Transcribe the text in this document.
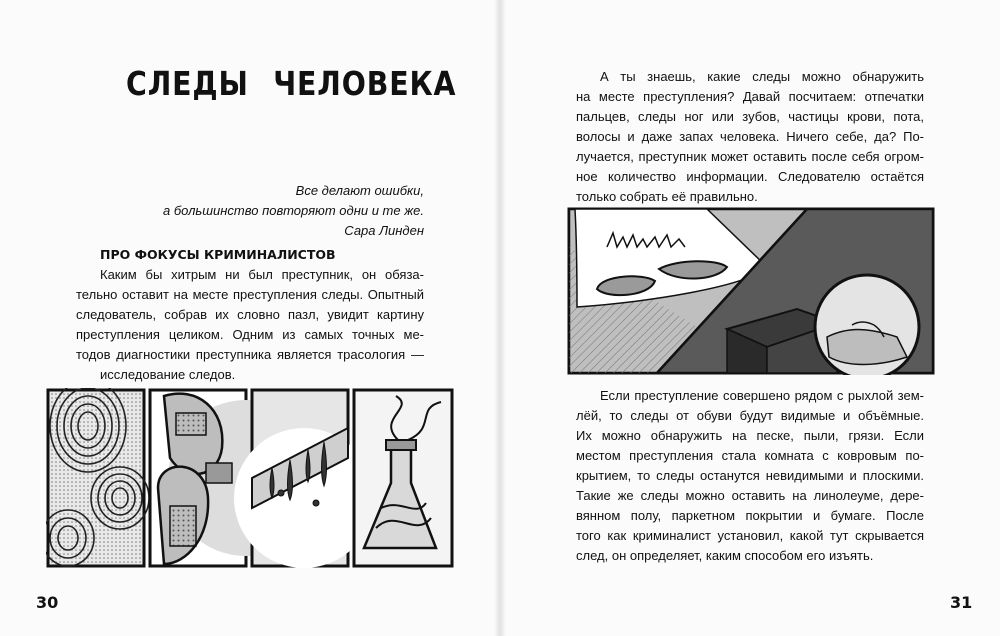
СЛЕДЫ ЧЕЛОВЕКА
Все делают ошибки,
а большинство повторяют одни и те же.
Сара Линден
ПРО ФОКУСЫ КРИМИНАЛИСТОВ
Каким бы хитрым ни был преступник, он обяза-
тельно оставит на месте преступления следы. Опытный
следователь, собрав их словно пазл, увидит картину
преступления целиком. Одним из самых точных ме-
тодов диагностики преступника является трасология —
исследование следов.
30
А ты знаешь, какие следы можно обнаружить
на месте преступления? Давай посчитаем: отпечатки
пальцев, следы ног или зубов, частицы крови, пота,
волосы и даже запах человека. Ничего себе, да? По-
лучается, преступник может оставить после себя огром-
ное количество информации. Следователю остаётся
только собрать её правильно.
Если преступление совершено рядом с рыхлой зем-
лёй, то следы от обуви будут видимые и объёмные.
Их можно обнаружить на песке, пыли, грязи. Если
местом преступления стала комната с ковровым по-
крытием, то следы останутся невидимыми и плоскими.
Такие же следы можно оставить на линолеуме, дере-
вянном полу, паркетном покрытии и бумаге. После
того как криминалист установил, какой тут скрывается
след, он определяет, каким способом его изъять.
31
